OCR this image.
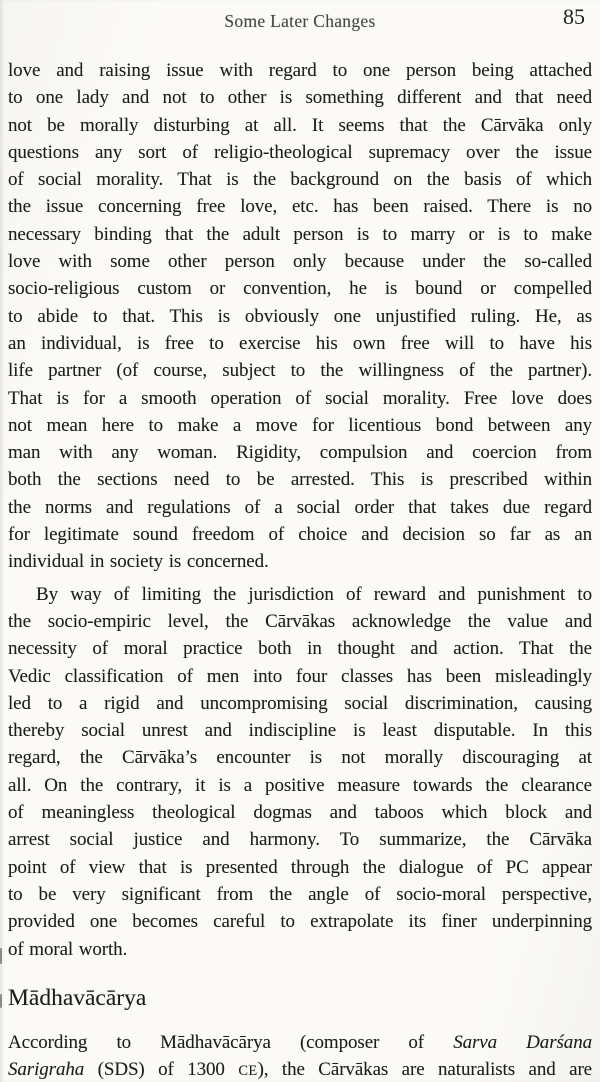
Some Later Changes	85
love and raising issue with regard to one person being attached
to one lady and not to other is something different and that need
not be morally disturbing at all. It seems that the Cārvāka only
questions any sort of religio-theological supremacy over the issue
of social morality. That is the background on the basis of which
the issue concerning free love, etc. has been raised. There is no
necessary binding that the adult person is to marry or is to make
love with some other person only because under the so-called
socio-religious custom or convention, he is bound or compelled
to abide to that. This is obviously one unjustified ruling. He, as
an individual, is free to exercise his own free will to have his
life partner (of course, subject to the willingness of the partner).
That is for a smooth operation of social morality. Free love does
not mean here to make a move for licentious bond between any
man with any woman. Rigidity, compulsion and coercion from
both the sections need to be arrested. This is prescribed within
the norms and regulations of a social order that takes due regard
for legitimate sound freedom of choice and decision so far as an
individual in society is concerned.
By way of limiting the jurisdiction of reward and punishment to
the socio-empiric level, the Cārvākas acknowledge the value and
necessity of moral practice both in thought and action. That the
Vedic classification of men into four classes has been misleadingly
led to a rigid and uncompromising social discrimination, causing
thereby social unrest and indiscipline is least disputable. In this
regard, the Cārvāka’s encounter is not morally discouraging at
all. On the contrary, it is a positive measure towards the clearance
of meaningless theological dogmas and taboos which block and
arrest social justice and harmony. To summarize, the Cārvāka
point of view that is presented through the dialogue of PC appear
to be very significant from the angle of socio-moral perspective,
provided one becomes careful to extrapolate its finer underpinning
of moral worth.
Mādhavācārya
According to Mādhavācārya (composer of Sarva Darśana
Sarigraha (SDS) of 1300 CE), the Cārvākas are naturalists and are
